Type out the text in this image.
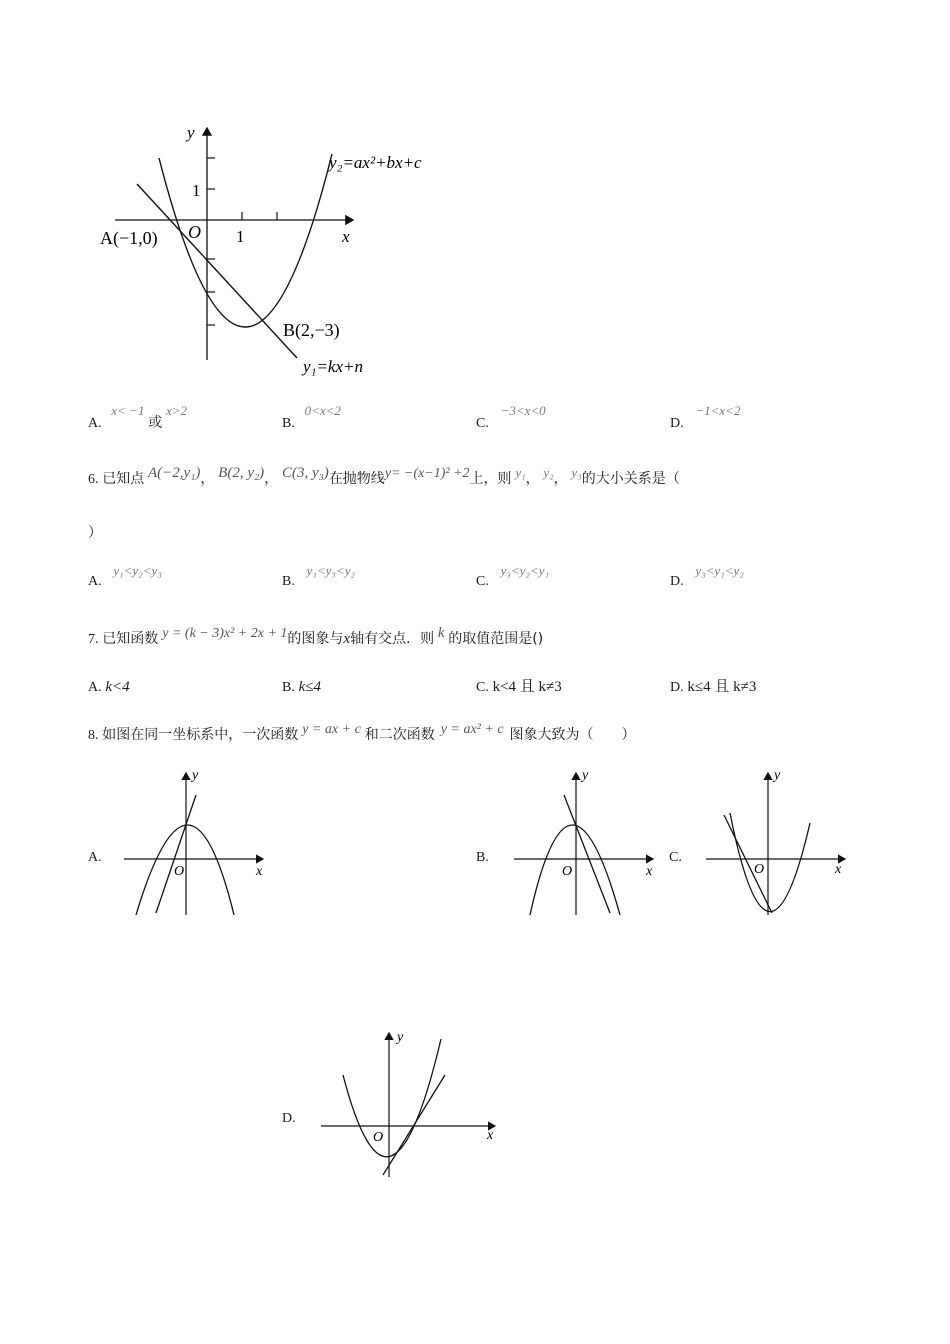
y
x
O
1
1
A(−1,0)
B(2,−3)
y₂=ax²+bx+c
y₁=kx+n
A. x< −1 或 x>2
B. 0<x<2
C. −3<x<0
D. −1<x<2
6. 已知点 A(−2,y₁)， B(2, y₂)， C(3, y₃)在抛物线y= −(x−1)² +2上，则 y₁， y₂， y₃的大小关系是（
）
A. y₁<y₂<y₃
B. y₁<y₃<y₂
C. y₃<y₂<y₁
D. y₃<y₁<y₂
7. 已知函数 y = (k − 3)x² + 2x + 1的图象与x轴有交点．则 k 的取值范围是()
A. k<4	B. k≤4	C. k<4 且 k≠3	D. k≤4 且 k≠3
8. 如图在同一坐标系中，一次函数 y = ax + c 和二次函数 y = ax² + c 图象大致为（　　）
A.
y
x
O
B.
y
x
O
C.
y
x
O
D.
y
x
O
